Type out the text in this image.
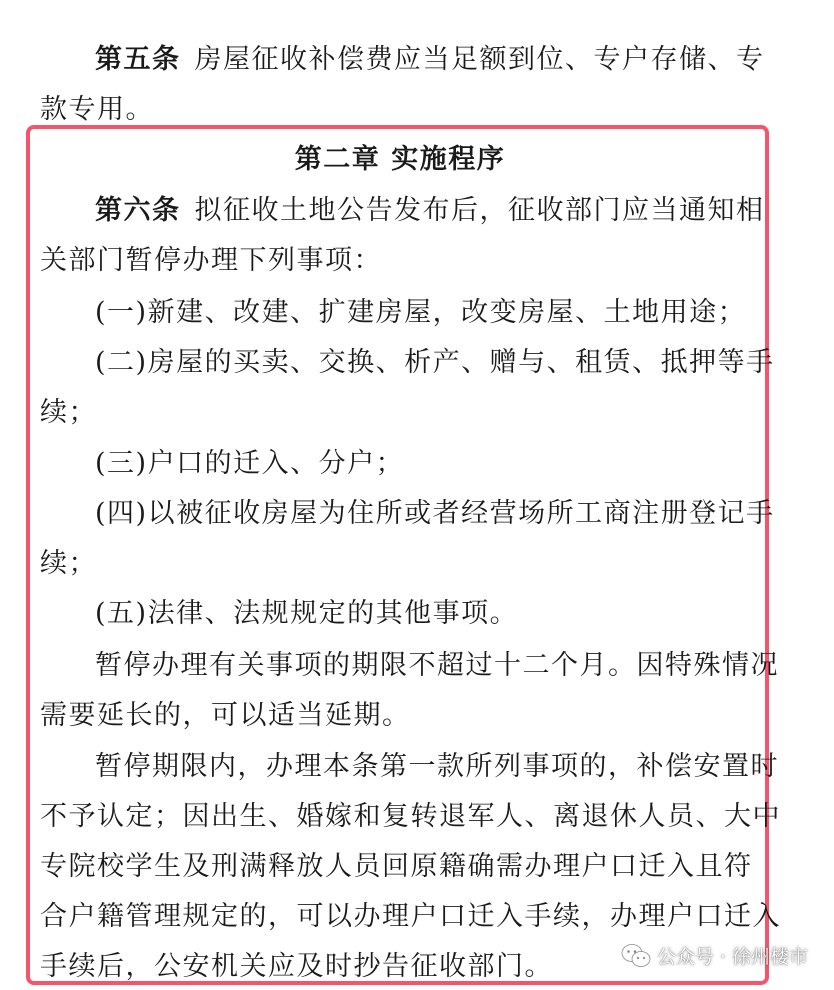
第五条 房屋征收补偿费应当足额到位、专户存储、专
款专用。
第二章 实施程序
第六条 拟征收土地公告发布后，征收部门应当通知相
关部门暂停办理下列事项：
(一)新建、改建、扩建房屋，改变房屋、土地用途；
(二)房屋的买卖、交换、析产、赠与、租赁、抵押等手
续；
(三)户口的迁入、分户；
(四)以被征收房屋为住所或者经营场所工商注册登记手
续；
(五)法律、法规规定的其他事项。
暂停办理有关事项的期限不超过十二个月。因特殊情况
需要延长的，可以适当延期。
暂停期限内，办理本条第一款所列事项的，补偿安置时
不予认定；因出生、婚嫁和复转退军人、离退休人员、大中
专院校学生及刑满释放人员回原籍确需办理户口迁入且符
合户籍管理规定的，可以办理户口迁入手续，办理户口迁入
手续后，公安机关应及时抄告征收部门。	公众号 · 徐州楼市
